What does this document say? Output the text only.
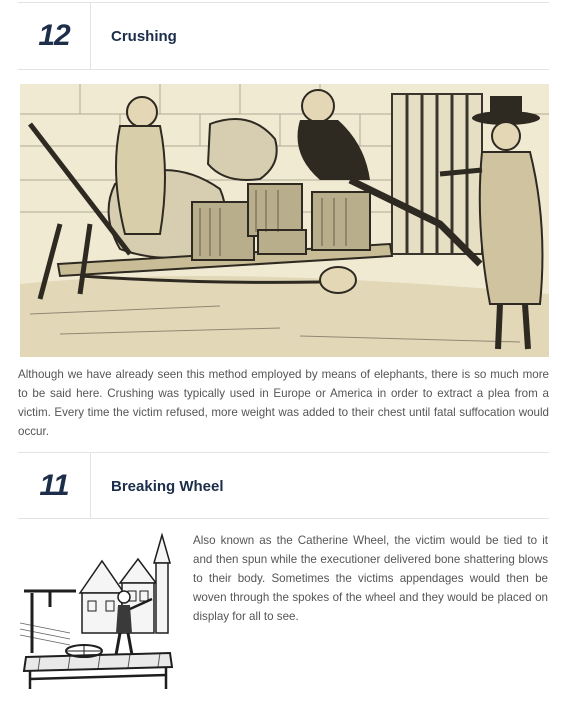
12	Crushing

Although we have already seen this method employed by means of elephants, there is so much more to be said here. Crushing was typically used in Europe or America in order to extract a plea from a victim. Every time the victim refused, more weight was added to their chest until fatal suffocation would occur.

11	Breaking Wheel

Also known as the Catherine Wheel, the victim would be tied to it and then spun while the executioner delivered bone shattering blows to their body. Sometimes the victims appendages would then be woven through the spokes of the wheel and they would be placed on display for all to see.
